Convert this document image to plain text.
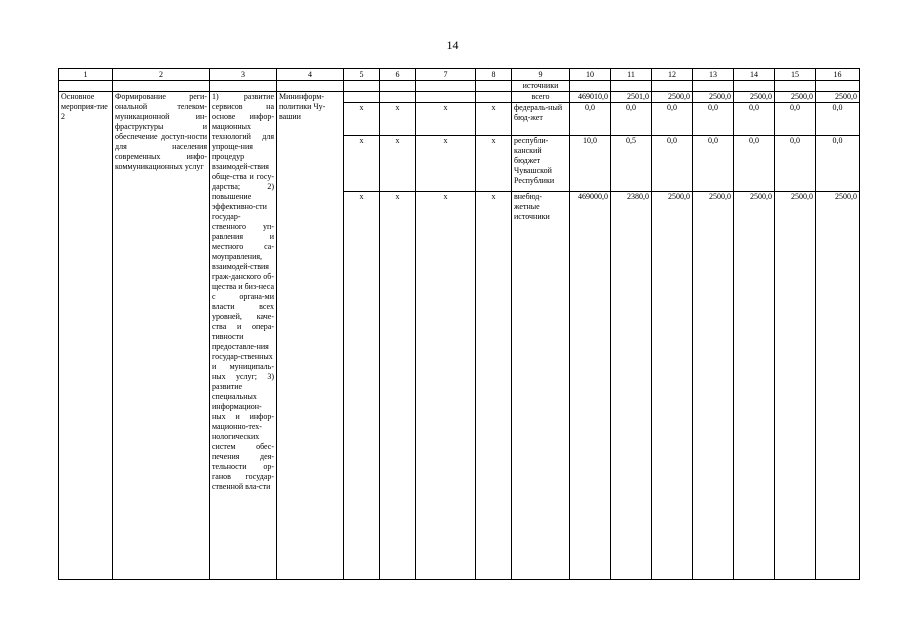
14
1	2	3	4	5	6	7	8	9	10	11	12	13	14	15	16
								источники							
Основное мероприя-тие 2	Формирование реги-ональной телеком-муникационной ин-фраструктуры и обеспечение доступ-ности для населения современных инфо-коммуникационных услуг	1) развитие сервисов на основе инфор-мационных технологий для упроще-ния процедур взаимодей-ствия обще-ства и госу-дарства; 2) повышение эффективно-сти государ-ственного уп-равления и местного са-моуправления, взаимодей-ствия граж-данского об-щества и биз-неса с органа-ми власти всех уровней, каче-ства и опера-тивности предоставле-ния государ-ственных и муниципаль-ных услуг; 3) развитие специальных информацион-ных и инфор-мационно-тех-нологических систем обес-печения дея-тельности ор-ганов государ-ственной вла-сти	Мининформ-политики Чу-вашии					всего	469010,0	2501,0	2500,0	2500,0	2500,0	2500,0	2500,0
				x	x	x	x	федераль-ный бюд-жет	0,0	0,0	0,0	0,0	0,0	0,0	0,0
				x	x	x	x	республи-канский бюджет Чувашской Республики	10,0	0,5	0,0	0,0	0,0	0,0	0,0
				x	x	x	x	внебюд-жетные источники	469000,0	2380,0	2500,0	2500,0	2500,0	2500,0	2500,0
